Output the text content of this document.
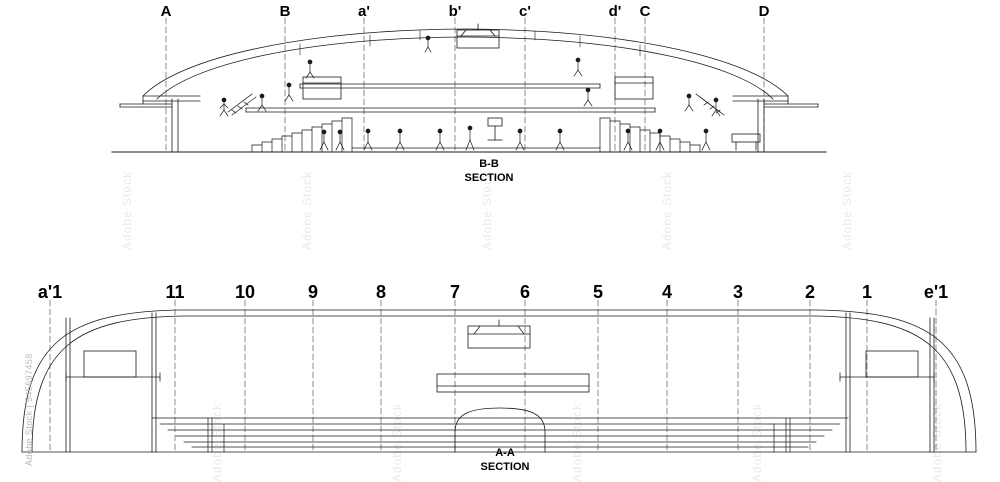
Adobe Stock	Adobe Stock	Adobe Stock	Adobe Stock	Adobe Stock
Adobe Stock	Adobe Stock	Adobe Stock	Adobe Stock	Adobe Stock
A	B	a'	b'	c'	d'	C	D
a'1	11	10	9	8	7	6	5	4	3	2	1	e'1
B-B
SECTION
A-A
SECTION
Adobe Stock | 545697458
